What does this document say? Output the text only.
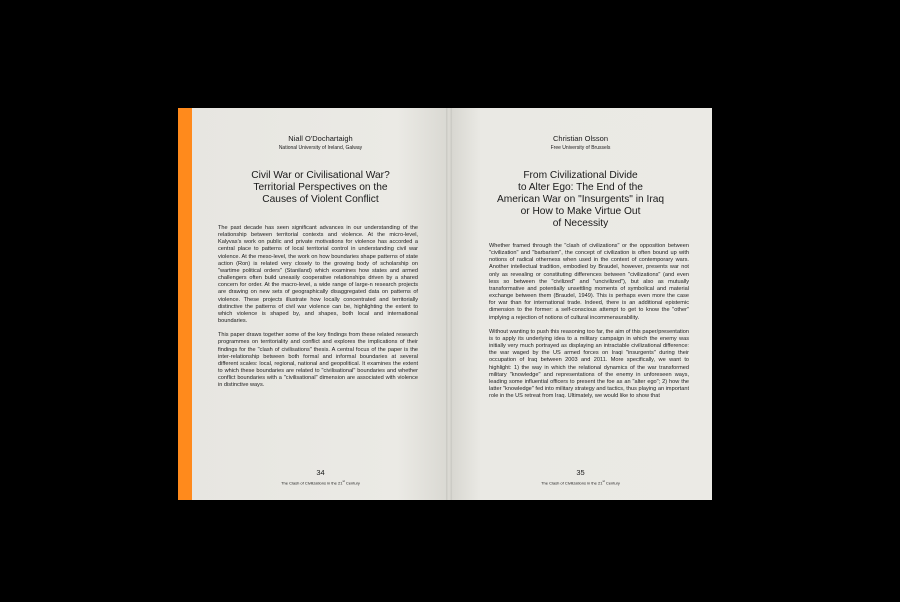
Niall O'Dochartaigh
National University of Ireland, Galway
Civil War or Civilisational War?
Territorial Perspectives on the
Causes of Violent Conflict

The past decade has seen significant advances in our understanding of the relationship between territorial contexts and violence. At the micro-level, Kalyvas's work on public and private motivations for violence has accorded a central place to patterns of local territorial control in understanding civil war violence. At the meso-level, the work on how boundaries shape patterns of state action (Ron) is related very closely to the growing body of scholarship on "wartime political orders" (Staniland) which examines how states and armed challengers often build uneasily cooperative relationships driven by a shared concern for order. At the macro-level, a wide range of large-n research projects are drawing on new sets of geographically disaggregated data on patterns of violence. These projects illustrate how locally concentrated and territorially distinctive the patterns of civil war violence can be, highlighting the extent to which violence is shaped by, and shapes, both local and international boundaries.

This paper draws together some of the key findings from these related research programmes on territoriality and conflict and explores the implications of their findings for the "clash of civilisations" thesis. A central focus of the paper is the inter-relationship between both formal and informal boundaries at several different scales: local, regional, national and geopolitical. It examines the extent to which these boundaries are related to "civilisational" boundaries and whether conflict boundaries with a "civilisational" dimension are associated with violence in distinctive ways.

34
The Clash of Civilizations in the 21st Century
Christian Olsson
Free University of Brussels
From Civilizational Divide
to Alter Ego: The End of the
American War on "Insurgents" in Iraq
or How to Make Virtue Out
of Necessity

Whether framed through the "clash of civilizations" or the opposition between "civilization" and "barbarism", the concept of civilization is often bound up with notions of radical otherness when used in the context of contemporary wars. Another intellectual tradition, embodied by Braudel, however, presents war not only as revealing or constituting differences between "civilizations" (and even less so between the "civilized" and "uncivilized"), but also as mutually transformative and potentially unsettling moments of symbolical and material exchange between them (Braudel, 1949). This is perhaps even more the case for war than for international trade. Indeed, there is an additional epistemic dimension to the former: a self-conscious attempt to get to know the "other" implying a rejection of notions of cultural incommensurability.

Without wanting to push this reasoning too far, the aim of this paper/presentation is to apply its underlying idea to a military campaign in which the enemy was initially very much portrayed as displaying an intractable civilizational difference: the war waged by the US armed forces on Iraqi "insurgents" during their occupation of Iraq between 2003 and 2011. More specifically, we want to highlight: 1) the way in which the relational dynamics of the war transformed military "knowledge" and representations of the enemy in unforeseen ways, leading some influential officers to present the foe as an "alter ego"; 2) how the latter "knowledge" fed into military strategy and tactics, thus playing an important role in the US retreat from Iraq. Ultimately, we would like to show that

35
The Clash of Civilizations in the 21st Century
